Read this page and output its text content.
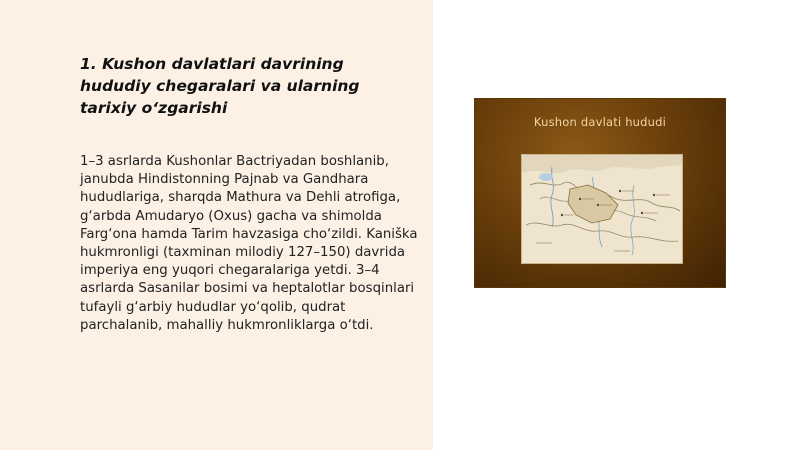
1. Kushon davlatlari davrining hududiy chegaralari va ularning tarixiy o‘zgarishi

1–3 asrlarda Kushonlar Bactriyadan boshlanib, janubda Hindistonning Pajnab va Gandhara hududlariga, sharqda Mathura va Dehli atrofiga, g‘arbda Amudaryo (Oxus) gacha va shimolda Farg‘ona hamda Tarim havzasiga cho‘zildi. Kaniška hukmronligi (taxminan milodiy 127–150) davrida imperiya eng yuqori chegaralariga yetdi. 3–4 asrlarda Sasanilar bosimi va heptalotlar bosqinlari tufayli g‘arbiy hududlar yo‘qolib, qudrat parchalanib, mahalliy hukmronliklarga o‘tdi.

Kushon davlati hududi
